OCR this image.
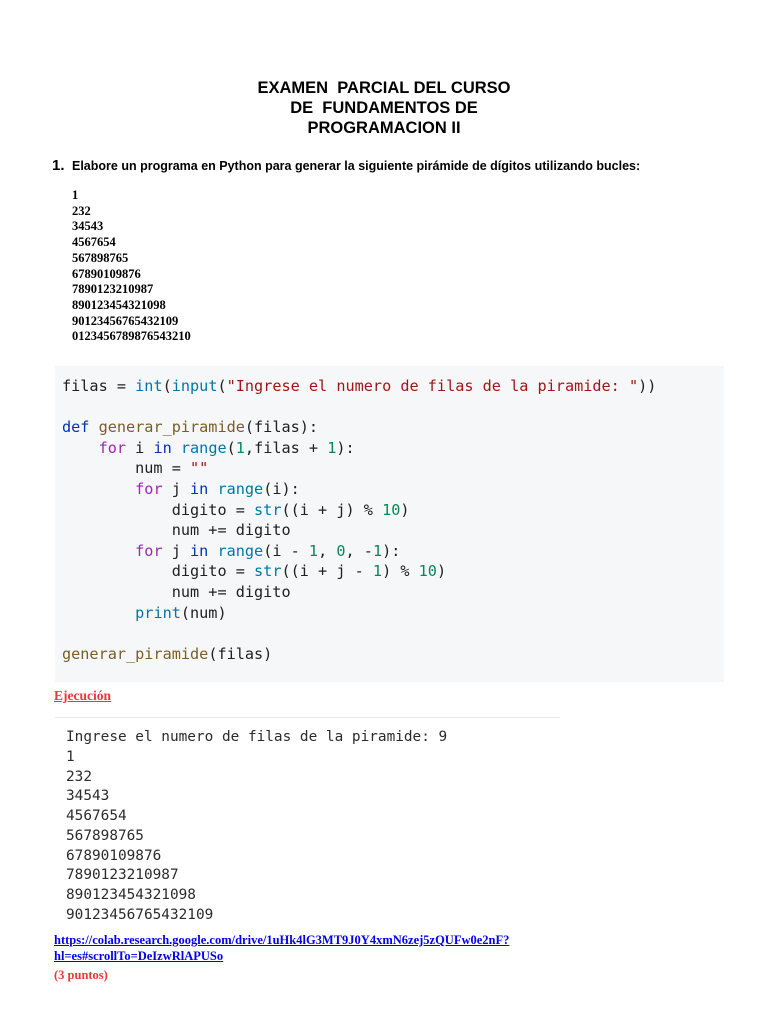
EXAMEN  PARCIAL DEL CURSO
DE  FUNDAMENTOS DE
PROGRAMACION II
1. Elabore un programa en Python para generar la siguiente pirámide de dígitos utilizando bucles:
1
232
34543
4567654
567898765
67890109876
7890123210987
890123454321098
90123456765432109
0123456789876543210
filas = int(input("Ingrese el numero de filas de la piramide: "))

def generar_piramide(filas):
for i in range(1,filas + 1):
num = ""
for j in range(i):
digito = str((i + j) % 10)
num += digito
for j in range(i - 1, 0, -1):
digito = str((i + j - 1) % 10)
num += digito
print(num)

generar_piramide(filas)
Ejecución
Ingrese el numero de filas de la piramide: 9
1
232
34543
4567654
567898765
67890109876
7890123210987
890123454321098
90123456765432109
https://colab.research.google.com/drive/1uHk4lG3MT9J0Y4xmN6zej5zQUFw0e2nF?
hl=es#scrollTo=DeIzwRlAPUSo
(3 puntos)
